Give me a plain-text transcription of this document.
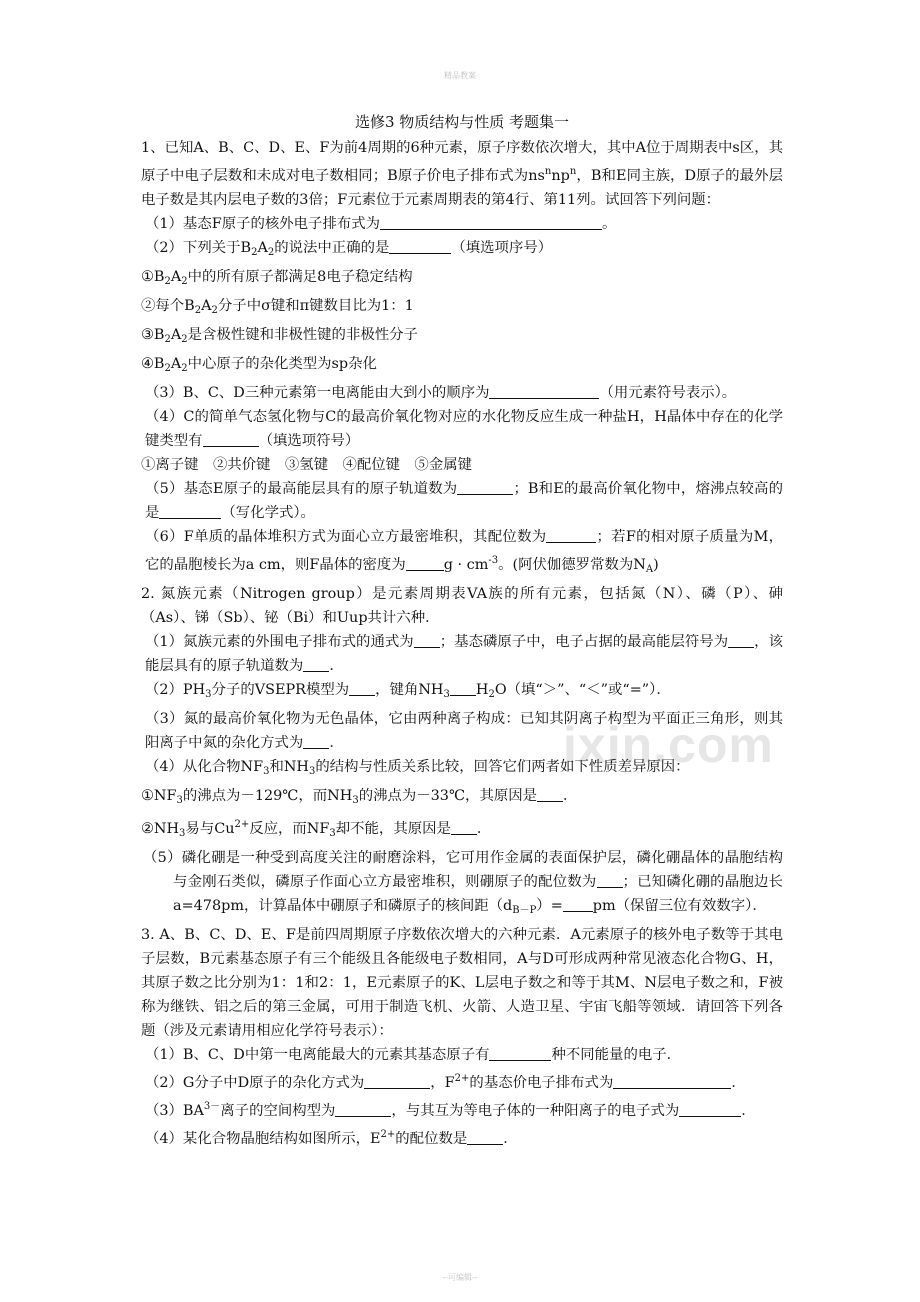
精品教案
ixin.com

选修3 物质结构与性质 考题集一

1、已知A、B、C、D、E、F为前4周期的6种元素，原子序数依次增大，其中A位于周期表中s区，其原子中电子层数和未成对电子数相同；B原子价电子排布式为$ns^nnp^n$，B和E同主族，D原子的最外层电子数是其内层电子数的3倍；F元素位于元素周期表的第4行、第11列。试回答下列问题：

（1）基态F原子的核外电子排布式为	。

（2）下列关于$B_2A_2$的说法中正确的是	（填选项序号）

$①B_2A_2$中的所有原子都满足8电子稳定结构

②每个$B_2A_2$分子中σ键和π键数目比为1：1

$③B_2A_2$是含极性键和非极性键的非极性分子

$④B_2A_2$中心原子的杂化类型为sp杂化

（3）B、C、D三种元素第一电离能由大到小的顺序为	（用元素符号表示）。

（4）C的简单气态氢化物与C的最高价氧化物对应的水化物反应生成一种盐H，H晶体中存在的化学键类型有	（填选项符号）

①离子键　②共价键　③氢键　④配位键　⑤金属键

（5）基态E原子的最高能层具有的原子轨道数为	；B和E的最高价氧化物中，熔沸点较高的是	（写化学式）。

（6）F单质的晶体堆积方式为面心立方最密堆积，其配位数为	；若F的相对原子质量为M，它的晶胞棱长为a cm，则F晶体的密度为	$g \cdot cm^{-3}$。(阿伏伽德罗常数为$N_A$)

2. 氮族元素（Nitrogen group）是元素周期表VA族的所有元素，包括氮（N）、磷（P）、砷（As）、锑（Sb）、铋（Bi）和Uup共计六种．

（1）氮族元素的外围电子排布式的通式为 ；基态磷原子中，电子占据的最高能层符号为 ，该能层具有的原子轨道数为 ．

$(2)PH_3$分子的VSEPR模型为 ，键角$NH_3$ $H_2O$（填“＞”、“＜”或“=”）．

（3）氮的最高价氧化物为无色晶体，它由两种离子构成：已知其阴离子构型为平面正三角形，则其阳离子中氮的杂化方式为 ．

（4）从化合物$NF_3$和$NH_3$的结构与性质关系比较，回答它们两者如下性质差异原因：

$①NF_3$的沸点为－129℃，而$NH_3$的沸点为－33℃，其原因是 ．

$②NH_3$易与$Cu^{2+}$反应，而$NF_3$却不能，其原因是 ．

（5）磷化硼是一种受到高度关注的耐磨涂料，它可用作金属的表面保护层，磷化硼晶体的晶胞结构与金刚石类似，磷原子作面心立方最密堆积，则硼原子的配位数为 ；已知磷化硼的晶胞边长a=478pm，计算晶体中硼原子和磷原子的核间距$(d_{B-P})= pm$（保留三位有效数字）．

3. A、B、C、D、E、F是前四周期原子序数依次增大的六种元素．A元素原子的核外电子数等于其电子层数，B元素基态原子有三个能级且各能级电子数相同，A与D可形成两种常见液态化合物G、H，其原子数之比分别为1：1和2：1，E元素原子的K、L层电子数之和等于其M、N层电子数之和，F被称为继铁、铝之后的第三金属，可用于制造飞机、火箭、人造卫星、宇宙飞船等领域．请回答下列各题（涉及元素请用相应化学符号表示）：

（1）B、C、D中第一电离能最大的元素其基态原子有	种不同能量的电子．

（2）G分子中D原子的杂化方式为	，$F^{2+}$的基态价电子排布式为	．

$(3)BA^{3-}$离子的空间构型为	，与其互为等电子体的一种阳离子的电子式为	．

（4）某化合物晶胞结构如图所示，$E^{2+}$的配位数是	．

--可编辑--
